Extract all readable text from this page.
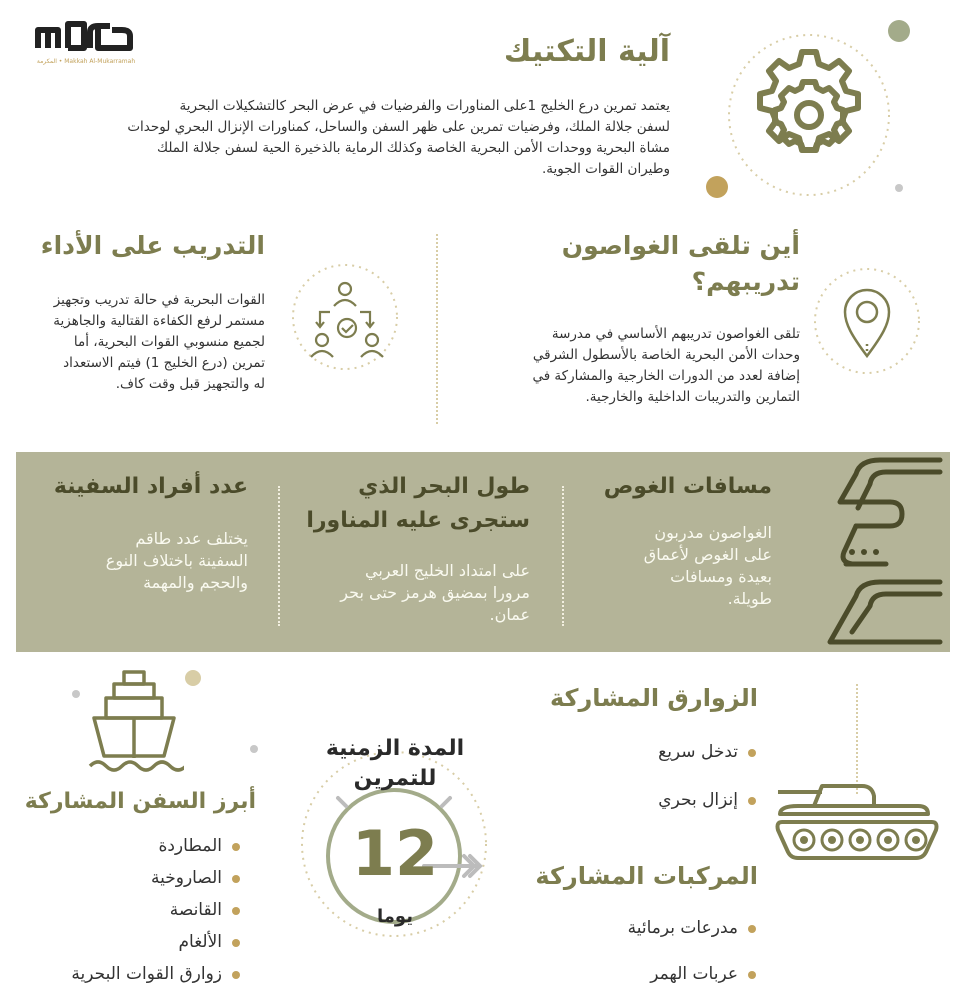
المكرمة • Makkah Al-Mukarramah	آلية التكتيك
يعتمد تمرين درع الخليج 1على المناورات والفرضيات في عرض البحر كالتشكيلات البحرية
لسفن جلالة الملك، وفرضيات تمرين على ظهر السفن والساحل، كمناورات الإنزال البحري لوحدات
مشاة البحرية ووحدات الأمن البحرية الخاصة وكذلك الرماية بالذخيرة الحية لسفن جلالة الملك
وطيران القوات الجوية.
التدريب على الأداء
القوات البحرية في حالة تدريب وتجهيز
مستمر لرفع الكفاءة القتالية والجاهزية
لجميع منسوبي القوات البحرية، أما
تمرين (درع الخليج 1) فيتم الاستعداد
له والتجهيز قبل وقت كاف.
أين تلقى الغواصون
تدريبهم؟
تلقى الغواصون تدريبهم الأساسي في مدرسة
وحدات الأمن البحرية الخاصة بالأسطول الشرقي
إضافة لعدد من الدورات الخارجية والمشاركة في
التمارين والتدريبات الداخلية والخارجية.
مسافات الغوص
الغواصون مدربون
على الغوص لأعماق
بعيدة ومسافات
طويلة.
طول البحر الذي
ستجرى عليه المناورا
على امتداد الخليج العربي
مرورا بمضيق هرمز حتى بحر
عمان.
عدد أفراد السفينة
يختلف عدد طاقم
السفينة باختلاف النوع
والحجم والمهمة
الزوارق المشاركة
تدخل سريع
إنزال بحري
المركبات المشاركة
مدرعات برمائية
عربات الهمر
المدة الزمنية
للتمرين
12
يوما
أبرز السفن المشاركة
المطاردة
الصاروخية
القانصة
الألغام
زوارق القوات البحرية
